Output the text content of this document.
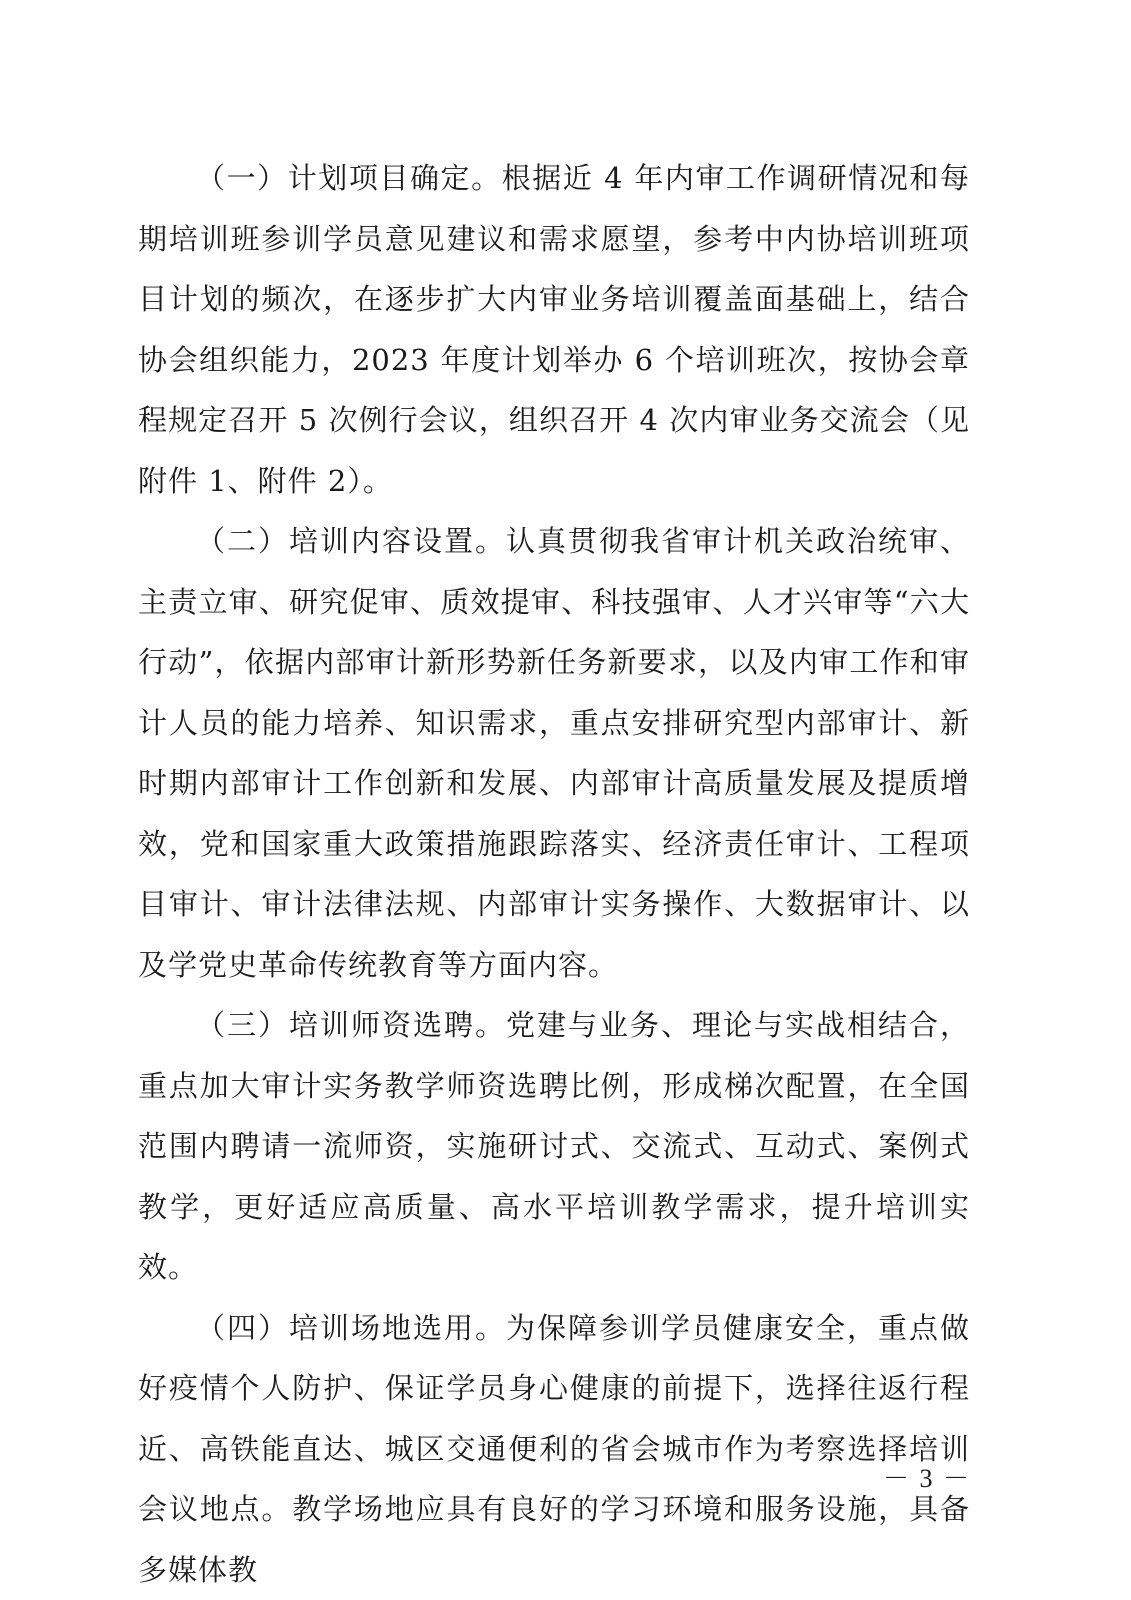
（一）计划项目确定。根据近 4 年内审工作调研情况和每期培训班参训学员意见建议和需求愿望，参考中内协培训班项目计划的频次，在逐步扩大内审业务培训覆盖面基础上，结合协会组织能力，2023 年度计划举办 6 个培训班次，按协会章程规定召开 5 次例行会议，组织召开 4 次内审业务交流会（见附件 1、附件 2）。

（二）培训内容设置。认真贯彻我省审计机关政治统审、主责立审、研究促审、质效提审、科技强审、人才兴审等“六大行动”，依据内部审计新形势新任务新要求，以及内审工作和审计人员的能力培养、知识需求，重点安排研究型内部审计、新时期内部审计工作创新和发展、内部审计高质量发展及提质增效，党和国家重大政策措施跟踪落实、经济责任审计、工程项目审计、审计法律法规、内部审计实务操作、大数据审计、以及学党史革命传统教育等方面内容。

（三）培训师资选聘。党建与业务、理论与实战相结合，重点加大审计实务教学师资选聘比例，形成梯次配置，在全国范围内聘请一流师资，实施研讨式、交流式、互动式、案例式教学，更好适应高质量、高水平培训教学需求，提升培训实效。

（四）培训场地选用。为保障参训学员健康安全，重点做好疫情个人防护、保证学员身心健康的前提下，选择往返行程近、高铁能直达、城区交通便利的省会城市作为考察选择培训会议地点。教学场地应具有良好的学习环境和服务设施，具备多媒体教

－ 3 －
